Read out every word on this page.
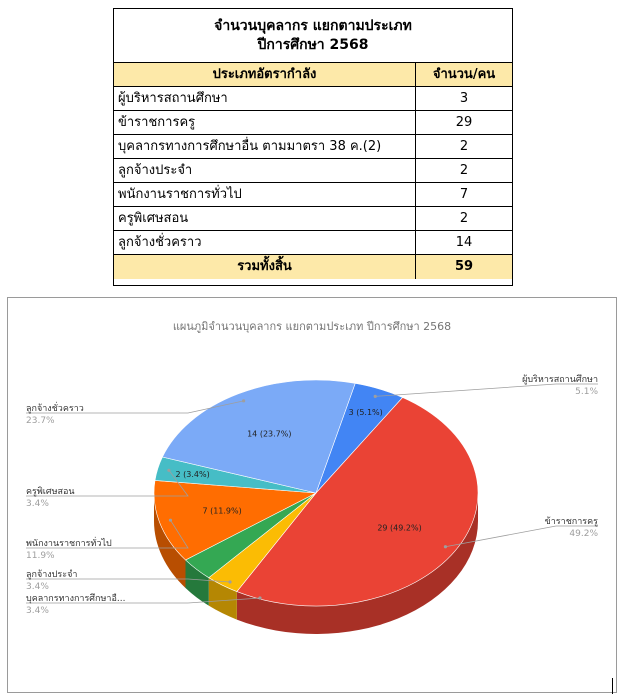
จำนวนบุคลากร แยกตามประเภท
ปีการศึกษา 2568
ประเภทอัตรากำลัง	จำนวน/คน
ผู้บริหารสถานศึกษา	3
ข้าราชการครู	29
บุคลากรทางการศึกษาอื่น ตามมาตรา 38 ค.(2)	2
ลูกจ้างประจำ	2
พนักงานราชการทั่วไป	7
ครูพิเศษสอน	2
ลูกจ้างชั่วคราว	14
รวมทั้งสิ้น	59
แผนภูมิจำนวนบุคลากร แยกตามประเภท ปีการศึกษา 2568
3 (5.1%)
29 (49.2%)
7 (11.9%)
2 (3.4%)
14 (23.7%)
ผู้บริหารสถานศึกษา
5.1%
ข้าราชการครู
49.2%
ลูกจ้างชั่วคราว
23.7%
ครูพิเศษสอน
3.4%
พนักงานราชการทั่วไป
11.9%
ลูกจ้างประจำ
3.4%
บุคลากรทางการศึกษาอื...
3.4%
